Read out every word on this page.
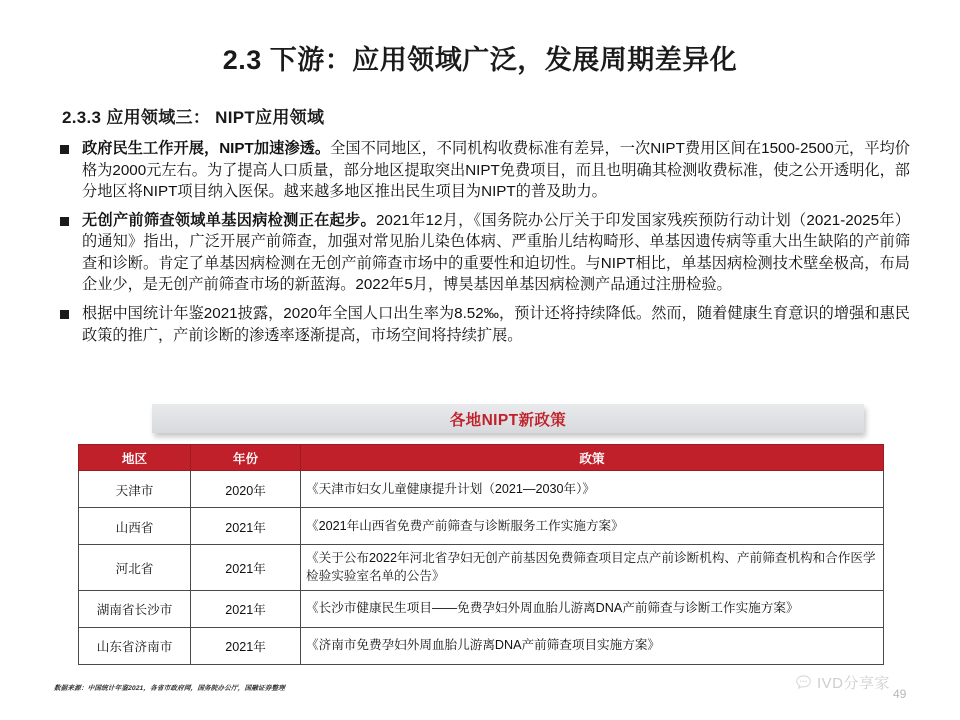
2.3 下游：应用领域广泛，发展周期差异化
2.3.3 应用领域三： NIPT应用领域
政府民生工作开展，NIPT加速渗透。全国不同地区，不同机构收费标准有差异，一次NIPT费用区间在1500-2500元，平均价格为2000元左右。为了提高人口质量，部分地区提取突出NIPT免费项目，而且也明确其检测收费标准，使之公开透明化，部分地区将NIPT项目纳入医保。越来越多地区推出民生项目为NIPT的普及助力。
无创产前筛查领域单基因病检测正在起步。2021年12月，《国务院办公厅关于印发国家残疾预防行动计划（2021-2025年）的通知》指出，广泛开展产前筛查，加强对常见胎儿染色体病、严重胎儿结构畸形、单基因遗传病等重大出生缺陷的产前筛查和诊断。肯定了单基因病检测在无创产前筛查市场中的重要性和迫切性。与NIPT相比，单基因病检测技术壁垒极高，布局企业少，是无创产前筛查市场的新蓝海。2022年5月，博昊基因单基因病检测产品通过注册检验。
根据中国统计年鉴2021披露，2020年全国人口出生率为8.52‰，预计还将持续降低。然而，随着健康生育意识的增强和惠民政策的推广，产前诊断的渗透率逐渐提高，市场空间将持续扩展。
各地NIPT新政策
地区	年份	政策
天津市	2020年	《天津市妇女儿童健康提升计划（2021—2030年）》
山西省	2021年	《2021年山西省免费产前筛查与诊断服务工作实施方案》
河北省	2021年	《关于公布2022年河北省孕妇无创产前基因免费筛查项目定点产前诊断机构、产前筛查机构和合作医学检验实验室名单的公告》
湖南省长沙市	2021年	《长沙市健康民生项目——免费孕妇外周血胎儿游离DNA产前筛查与诊断工作实施方案》
山东省济南市	2021年	《济南市免费孕妇外周血胎儿游离DNA产前筛查项目实施方案》
数据来源：中国统计年鉴2021，各省市政府网，国务院办公厅，国融证券整理	IVD分享家
49
